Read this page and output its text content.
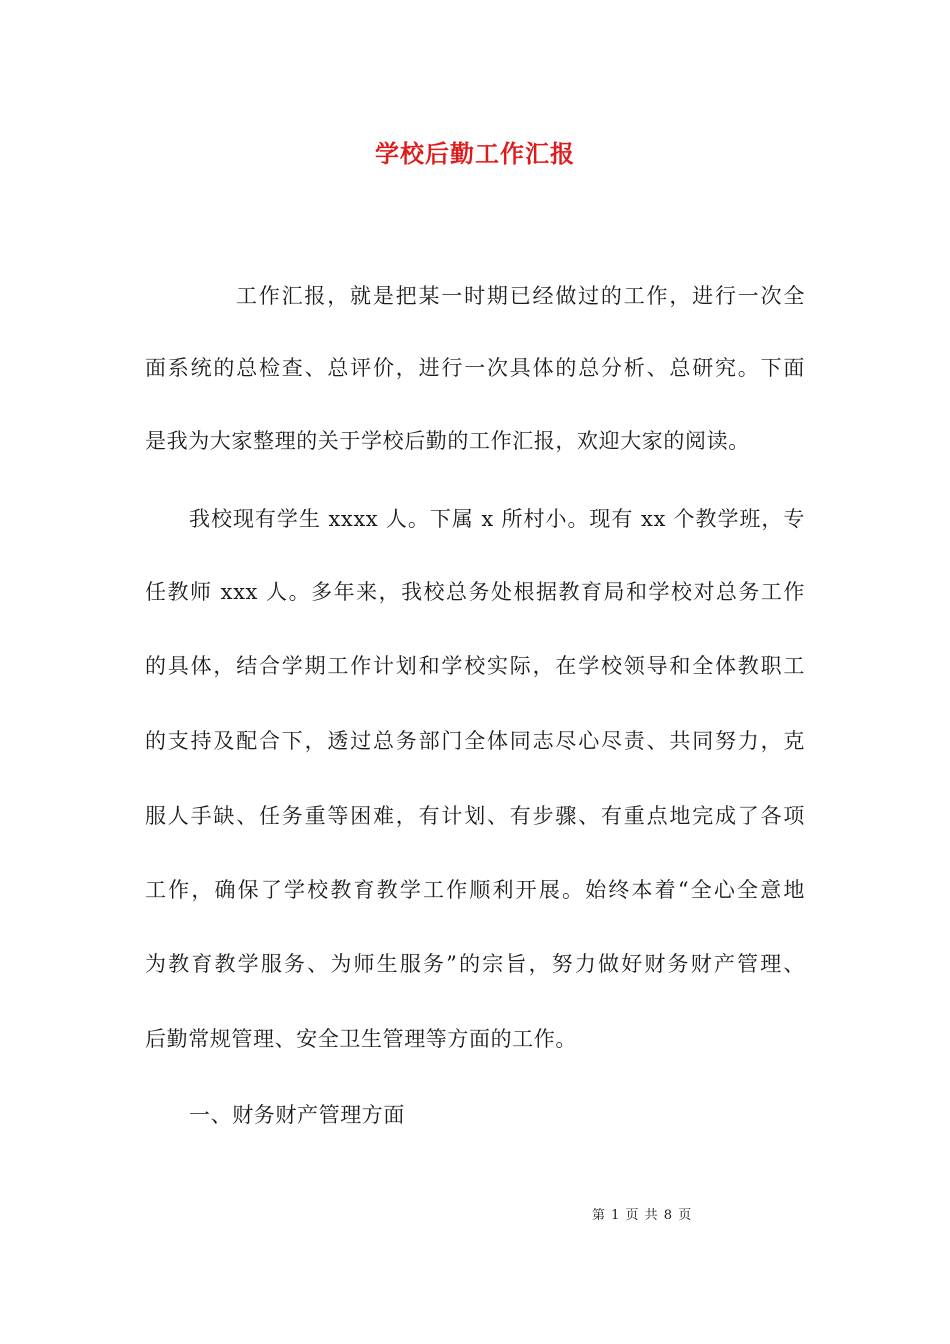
学校后勤工作汇报
工作汇报，就是把某一时期已经做过的工作，进行一次全
面系统的总检查、总评价，进行一次具体的总分析、总研究。下面
是我为大家整理的关于学校后勤的工作汇报，欢迎大家的阅读。
我校现有学生 xxxx 人。下属 x 所村小。现有 xx 个教学班，专
任教师 xxx 人。多年来，我校总务处根据教育局和学校对总务工作
的具体，结合学期工作计划和学校实际，在学校领导和全体教职工
的支持及配合下，透过总务部门全体同志尽心尽责、共同努力，克
服人手缺、任务重等困难，有计划、有步骤、有重点地完成了各项
工作，确保了学校教育教学工作顺利开展。始终本着“全心全意地
为教育教学服务、为师生服务”的宗旨，努力做好财务财产管理、
后勤常规管理、安全卫生管理等方面的工作。
一、财务财产管理方面
第 1 页 共 8 页
